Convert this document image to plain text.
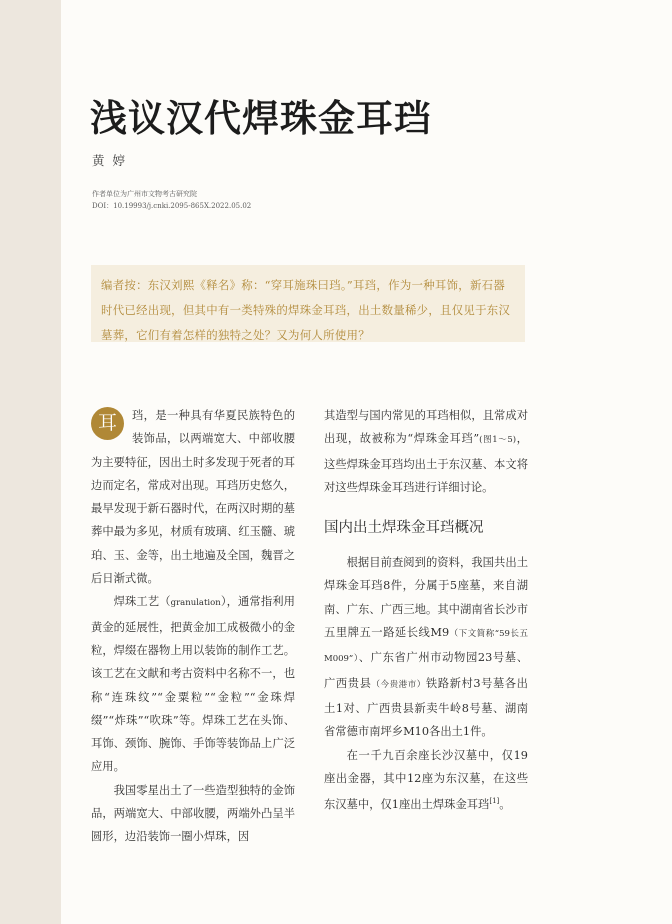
浅议汉代焊珠金耳珰
黄婷
作者单位为广州市文物考古研究院
DOI：10.19993/j.cnki.2095-865X.2022.05.02

编者按：东汉刘熙《释名》称：“穿耳施珠曰珰。”耳珰，作为一种耳饰，新石器时代已经出现，但其中有一类特殊的焊珠金耳珰，出土数量稀少，且仅见于东汉墓葬，它们有着怎样的独特之处？又为何人所使用？

耳	珰，是一种具有华夏民族特色的装饰品，以两端宽大、中部收腰为主要特征，因出土时多发现于死者的耳边而定名，常成对出现。耳珰历史悠久，最早发现于新石器时代，在两汉时期的墓葬中最为多见，材质有玻璃、红玉髓、琥珀、玉、金等，出土地遍及全国，魏晋之后日渐式微。

焊珠工艺（granulation），通常指利用黄金的延展性，把黄金加工成极微小的金粒，焊缀在器物上用以装饰的制作工艺。该工艺在文献和考古资料中名称不一，也称“连珠纹”“金粟粒”“金粒”“金珠焊缀”“炸珠”“吹珠”等。焊珠工艺在头饰、耳饰、颈饰、腕饰、手饰等装饰品上广泛应用。

我国零星出土了一些造型独特的金饰品，两端宽大、中部收腰，两端外凸呈半圆形，边沿装饰一圈小焊珠，因

其造型与国内常见的耳珰相似，且常成对出现，故被称为“焊珠金耳珰”(图1～5)，这些焊珠金耳珰均出土于东汉墓、本文将对这些焊珠金耳珰进行详细讨论。

国内出土焊珠金耳珰概况

根据目前查阅到的资料，我国共出土焊珠金耳珰8件，分属于5座墓，来自湖南、广东、广西三地。其中湖南省长沙市五里牌五一路延长线M9（下文简称“59长五M009”）、广东省广州市动物园23号墓、广西贵县（今贵港市）铁路新村3号墓各出土1对、广西贵县新卖牛岭8号墓、湖南省常德市南坪乡M10各出土1件。

在一千九百余座长沙汉墓中，仅19座出金器，其中12座为东汉墓，在这些东汉墓中，仅1座出土焊珠金耳珰[1]。
